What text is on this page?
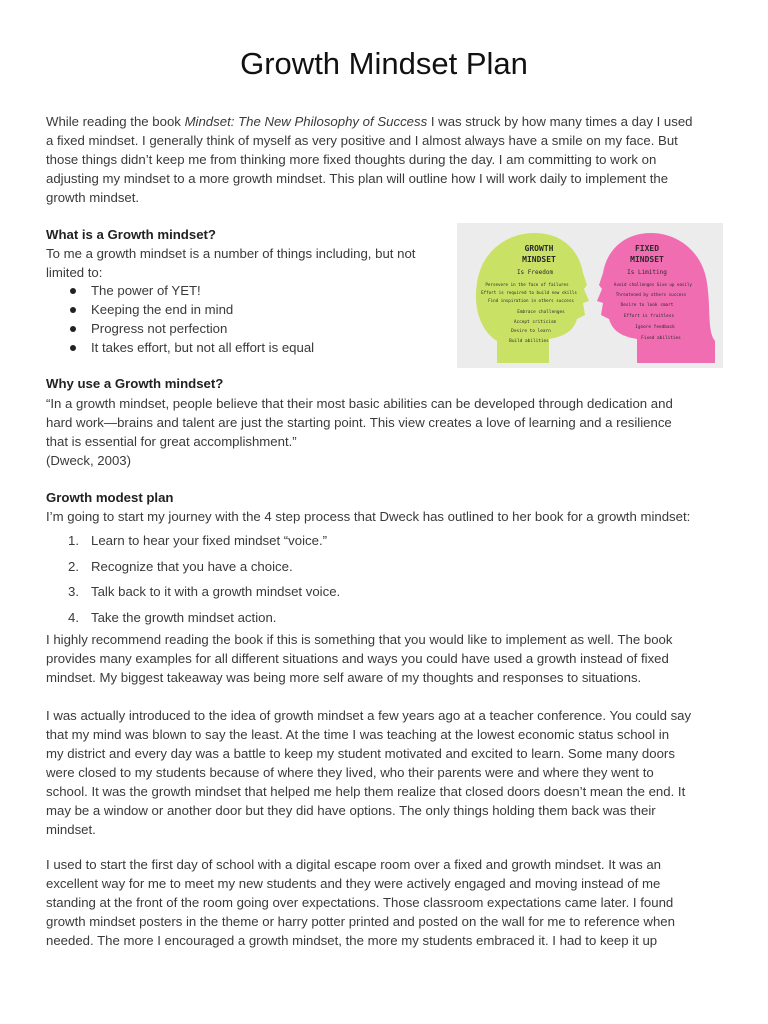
Growth Mindset Plan

While reading the book Mindset: The New Philosophy of Success I was struck by how many times a day I used
a fixed mindset. I generally think of myself as very positive and I almost always have a smile on my face. But
those things didn’t keep me from thinking more fixed thoughts during the day. I am committing to work on
adjusting my mindset to a more growth mindset. This plan will outline how I will work daily to implement the
growth mindset.

What is a Growth mindset?

To me a growth mindset is a number of things including, but not
limited to:

The power of YET!
Keeping the end in mind
Progress not perfection
It takes effort, but not all effort is equal
GROWTH
MINDSET
Is Freedom
Persevere in the face of failures
Effort is required to build new skills
Find inspiration in others success
Embrace challenges
Accept criticism
Desire to learn
Build abilities
FIXED
MINDSET
Is Limiting
Avoid challenges Give up easily
Threatened by others success
Desire to look smart
Effort is fruitless
Ignore feedback
Fixed abilities

Why use a Growth mindset?

“In a growth mindset, people believe that their most basic abilities can be developed through dedication and
hard work—brains and talent are just the starting point. This view creates a love of learning and a resilience
that is essential for great accomplishment.”
(Dweck, 2003)

Growth modest plan

I’m going to start my journey with the 4 step process that Dweck has outlined to her book for a growth mindset:

1. Learn to hear your fixed mindset “voice.”
2. Recognize that you have a choice.
3. Talk back to it with a growth mindset voice.
4. Take the growth mindset action.

I highly recommend reading the book if this is something that you would like to implement as well. The book
provides many examples for all different situations and ways you could have used a growth instead of fixed
mindset. My biggest takeaway was being more self aware of my thoughts and responses to situations.

I was actually introduced to the idea of growth mindset a few years ago at a teacher conference. You could say
that my mind was blown to say the least. At the time I was teaching at the lowest economic status school in
my district and every day was a battle to keep my student motivated and excited to learn. Some many doors
were closed to my students because of where they lived, who their parents were and where they went to
school. It was the growth mindset that helped me help them realize that closed doors doesn’t mean the end. It
may be a window or another door but they did have options. The only things holding them back was their
mindset.

I used to start the first day of school with a digital escape room over a fixed and growth mindset. It was an
excellent way for me to meet my new students and they were actively engaged and moving instead of me
standing at the front of the room going over expectations. Those classroom expectations came later. I found
growth mindset posters in the theme or harry potter printed and posted on the wall for me to reference when
needed. The more I encouraged a growth mindset, the more my students embraced it. I had to keep it up
